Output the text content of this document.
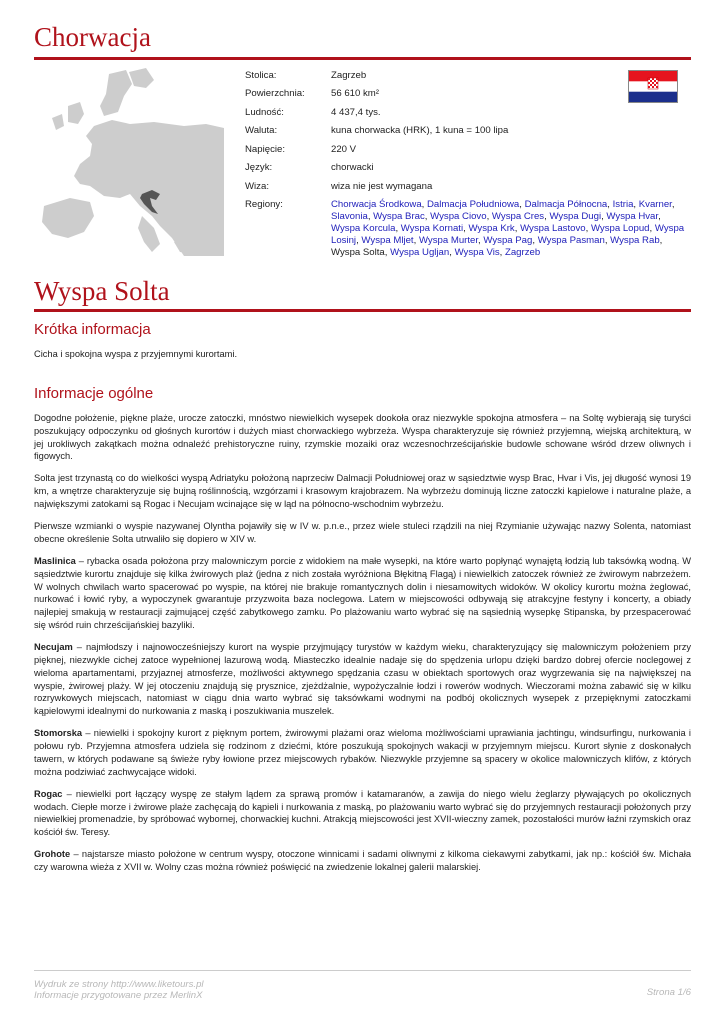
Chorwacja
Stolica:	Zagrzeb
Powierzchnia:	56 610 km²
Ludność:	4 437,4 tys.
Waluta:	kuna chorwacka (HRK), 1 kuna = 100 lipa
Napięcie:	220 V
Język:	chorwacki
Wiza:	wiza nie jest wymagana
Regiony:	Chorwacja Środkowa, Dalmacja Południowa, Dalmacja Północna, Istria, Kvarner, Slavonia, Wyspa Brac, Wyspa Ciovo, Wyspa Cres, Wyspa Dugi, Wyspa Hvar, Wyspa Korcula, Wyspa Kornati, Wyspa Krk, Wyspa Lastovo, Wyspa Lopud, Wyspa Losinj, Wyspa Mljet, Wyspa Murter, Wyspa Pag, Wyspa Pasman, Wyspa Rab, Wyspa Solta, Wyspa Ugljan, Wyspa Vis, Zagrzeb
Wyspa Solta
Krótka informacja

Cicha i spokojna wyspa z przyjemnymi kurortami.

Informacje ogólne

Dogodne położenie, piękne plaże, urocze zatoczki, mnóstwo niewielkich wysepek dookoła oraz niezwykle spokojna atmosfera – na Soltę wybierają się turyści poszukujący odpoczynku od głośnych kurortów i dużych miast chorwackiego wybrzeża. Wyspa charakteryzuje się również przyjemną, wiejską architekturą, w jej urokliwych zakątkach można odnaleźć prehistoryczne ruiny, rzymskie mozaiki oraz wczesnochrześcijańskie budowle schowane wśród drzew oliwnych i figowych.

Solta jest trzynastą co do wielkości wyspą Adriatyku położoną naprzeciw Dalmacji Południowej oraz w sąsiedztwie wysp Brac, Hvar i Vis, jej długość wynosi 19 km, a wnętrze charakteryzuje się bujną roślinnością, wzgórzami i krasowym krajobrazem. Na wybrzeżu dominują liczne zatoczki kąpielowe i naturalne plaże, a największymi zatokami są Rogac i Necujam wcinające się w ląd na północno-wschodnim wybrzeżu.

Pierwsze wzmianki o wyspie nazywanej Olyntha pojawiły się w IV w. p.n.e., przez wiele stuleci rządzili na niej Rzymianie używając nazwy Solenta, natomiast obecne określenie Solta utrwaliło się dopiero w XIV w.

Maslinica – rybacka osada położona przy malowniczym porcie z widokiem na małe wysepki, na które warto popłynąć wynajętą łodzią lub taksówką wodną. W sąsiedztwie kurortu znajduje się kilka żwirowych plaż (jedna z nich została wyróżniona Błękitną Flagą) i niewielkich zatoczek również ze żwirowym nabrzeżem. W wolnych chwilach warto spacerować po wyspie, na której nie brakuje romantycznych dolin i niesamowitych widoków. W okolicy kurortu można żeglować, nurkować i łowić ryby, a wypoczynek gwarantuje przyzwoita baza noclegowa. Latem w miejscowości odbywają się atrakcyjne festyny i koncerty, a obiady najlepiej smakują w restauracji zajmującej część zabytkowego zamku. Po plażowaniu warto wybrać się na sąsiednią wysepkę Stipanska, by przespacerować się wśród ruin chrześcijańskiej bazyliki.

Necujam – najmłodszy i najnowocześniejszy kurort na wyspie przyjmujący turystów w każdym wieku, charakteryzujący się malowniczym położeniem przy pięknej, niezwykle cichej zatoce wypełnionej lazurową wodą. Miasteczko idealnie nadaje się do spędzenia urlopu dzięki bardzo dobrej ofercie noclegowej z wieloma apartamentami, przyjaznej atmosferze, możliwości aktywnego spędzania czasu w obiektach sportowych oraz wygrzewania się na największej na wyspie, żwirowej plaży. W jej otoczeniu znajdują się prysznice, zjeżdżalnie, wypożyczalnie łodzi i rowerów wodnych. Wieczorami można zabawić się w kilku rozrywkowych miejscach, natomiast w ciągu dnia warto wybrać się taksówkami wodnymi na podbój okolicznych wysepek z przepięknymi zatoczkami kąpielowymi idealnymi do nurkowania z maską i poszukiwania muszelek.

Stomorska – niewielki i spokojny kurort z pięknym portem, żwirowymi plażami oraz wieloma możliwościami uprawiania jachtingu, windsurfingu, nurkowania i połowu ryb. Przyjemna atmosfera udziela się rodzinom z dziećmi, które poszukują spokojnych wakacji w przyjemnym miejscu. Kurort słynie z doskonałych tawern, w których podawane są świeże ryby łowione przez miejscowych rybaków. Niezwykle przyjemne są spacery w okolice malowniczych klifów, z których można podziwiać zachwycające widoki.

Rogac – niewielki port łączący wyspę ze stałym lądem za sprawą promów i katamaranów, a zawija do niego wielu żeglarzy pływających po okolicznych wodach. Ciepłe morze i żwirowe plaże zachęcają do kąpieli i nurkowania z maską, po plażowaniu warto wybrać się do przyjemnych restauracji położonych przy niewielkiej promenadzie, by spróbować wybornej, chorwackiej kuchni. Atrakcją miejscowości jest XVII-wieczny zamek, pozostałości murów łaźni rzymskich oraz kościół św. Teresy.

Grohote – najstarsze miasto położone w centrum wyspy, otoczone winnicami i sadami oliwnymi z kilkoma ciekawymi zabytkami, jak np.: kościół św. Michała czy warowna wieża z XVII w. Wolny czas można również poświęcić na zwiedzenie lokalnej galerii malarskiej.

Wydruk ze strony http://www.liketours.pl
Informacje przygotowane przez MerlinX	Strona 1/6
